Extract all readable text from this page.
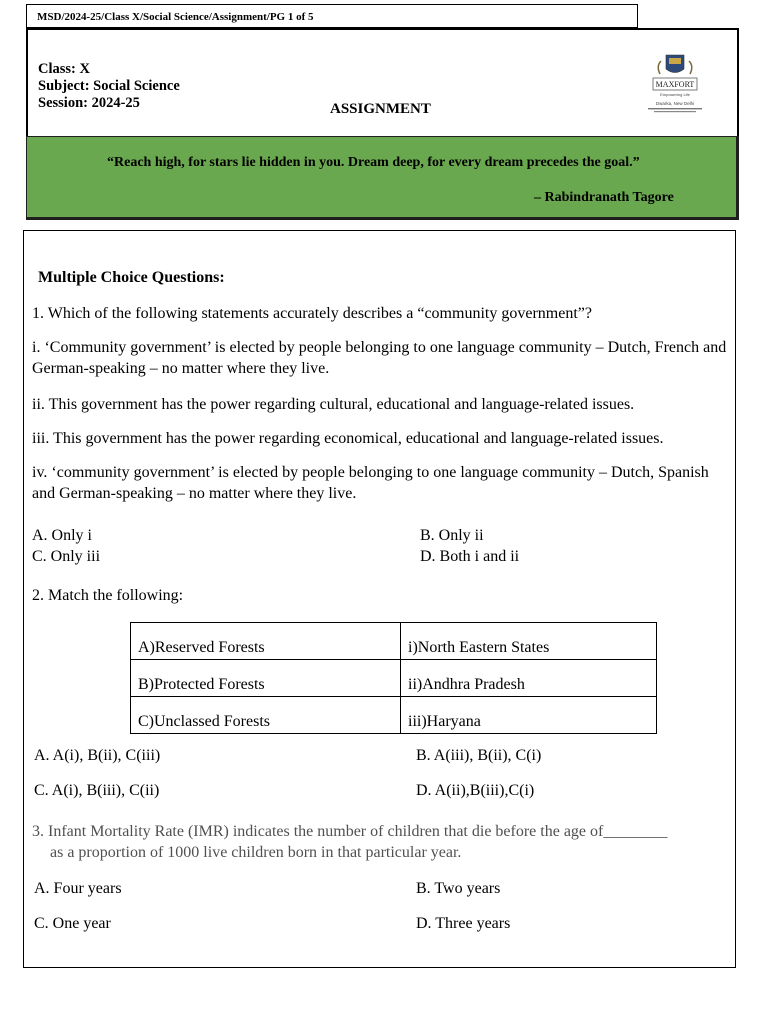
MSD/2024-25/Class X/Social Science/Assignment/PG 1 of 5
Class: X
Subject: Social Science
Session: 2024-25	ASSIGNMENT
MAXFORT
Empowering Life
Dwarka, New Delhi
“Reach high, for stars lie hidden in you. Dream deep, for every dream precedes the goal.”
– Rabindranath Tagore
Multiple Choice Questions:
1. Which of the following statements accurately describes a “community government”?
i. ‘Community government’ is elected by people belonging to one language community – Dutch, French and German-speaking – no matter where they live.
ii. This government has the power regarding cultural, educational and language-related issues.
iii. This government has the power regarding economical, educational and language-related issues.
iv. ‘community government’ is elected by people belonging to one language community – Dutch, Spanish and German-speaking – no matter where they live.
A. Only i	B. Only ii
C. Only iii	D. Both i and ii
2. Match the following:
A)Reserved Forests	i)North Eastern States
B)Protected Forests	ii)Andhra Pradesh
C)Unclassed Forests	iii)Haryana
A. A(i), B(ii), C(iii)	B. A(iii), B(ii), C(i)
C. A(i), B(iii), C(ii)	D. A(ii),B(iii),C(i)
3. Infant Mortality Rate (IMR) indicates the number of children that die before the age of________
as a proportion of 1000 live children born in that particular year.
A. Four years	B. Two years
C. One year	D. Three years
